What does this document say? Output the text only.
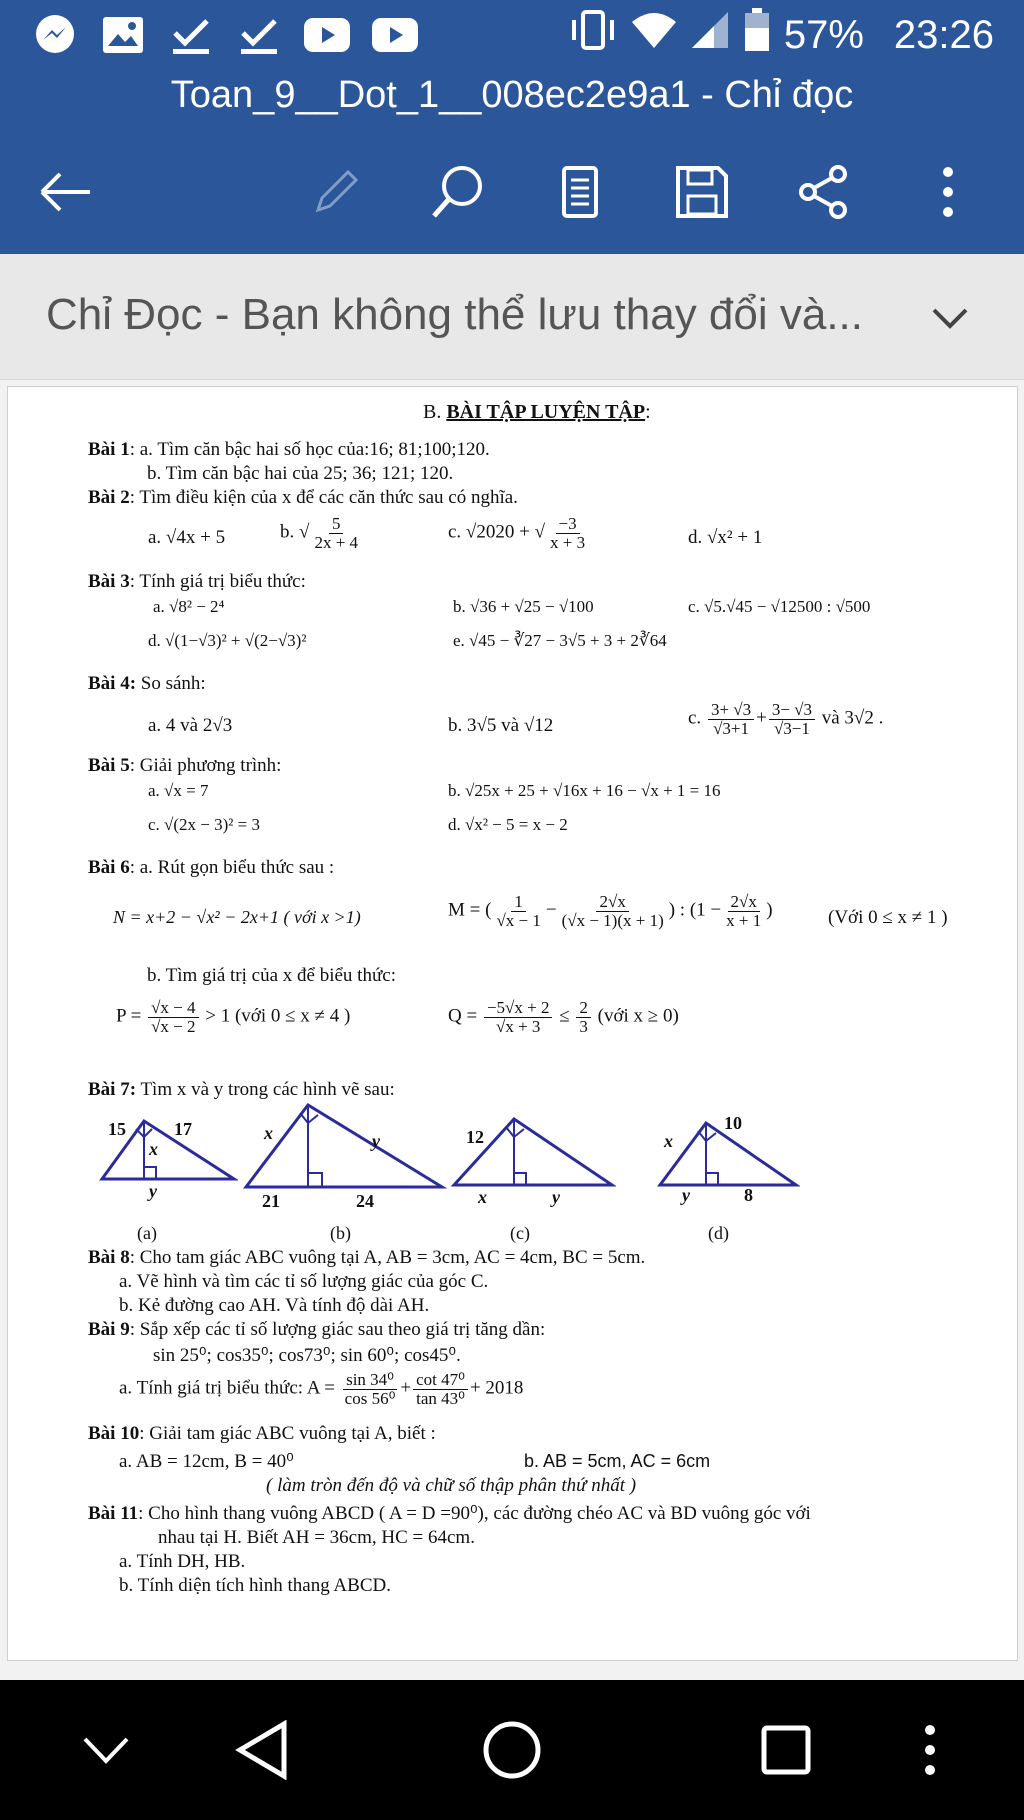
57% 23:26
Toan_9__Dot_1__008ec2e9a1 - Chỉ đọc
Chỉ Đọc - Bạn không thể lưu thay đổi và...
B. BÀI TẬP LUYỆN TẬP:
Bài 1: a. Tìm căn bậc hai số học của:16; 81;100;120.
b. Tìm căn bậc hai của 25; 36; 121; 120.
Bài 2: Tìm điều kiện của x để các căn thức sau có nghĩa.
a. √4x + 5	b. √ $\frac{5}{2x + 4}$	c. √2020 + √ $\frac{-3}{x + 3}$	d. √x² + 1
Bài 3: Tính giá trị biểu thức:
a. √8² − 2⁴	b. √36 + √25 − √100	c. √5.√45 − √12500 : √500
d. √(1−√3)² + √(2−√3)²	e. √45 − ∛27 − 3√5 + 3 + 2∛64
Bài 4: So sánh:
a. 4 và 2√3	b. 3√5 và √12	c. $\frac{3+ √3}{√3+1} + \frac{3- √3}{√3-1}$ và 3√2 .
Bài 5: Giải phương trình:
a. √x = 7	b. √25x + 25 + √16x + 16 − √x + 1 = 16
c. √(2x − 3)² = 3	d. √x² − 5 = x − 2
Bài 6: a. Rút gọn biểu thức sau :
N = x+2 − √x² − 2x+1 ( với x >1)	M = ( $\frac{1}{√x - 1} - \frac{2√x}{(√x - 1)(x + 1)}$ ) : ($1 - \frac{2√x}{x + 1}$ )	(Với 0 ≤ x ≠ 1 )
b. Tìm giá trị của x để biểu thức:
$P = \frac{√x - 4}{√x - 2} > 1$ (với 0 ≤ x ≠ 4 )	$Q = \frac{-5√x + 2}{√x + 3} \le \frac{2}{3}$ (với x ≥ 0)
Bài 7: Tìm x và y trong các hình vẽ sau:
15	17
x
y
(a)
x	y
21	24
(b)
12
x	y
(c)
x
10
y	8
(d)
Bài 8: Cho tam giác ABC vuông tại A, AB = 3cm, AC = 4cm, BC = 5cm.
a. Vẽ hình và tìm các tỉ số lượng giác của góc C.
b. Kẻ đường cao AH. Và tính độ dài AH.
Bài 9: Sắp xếp các tỉ số lượng giác sau theo giá trị tăng dần:
sin 25⁰; cos35⁰; cos73⁰; sin 60⁰; cos45⁰.
a. Tính giá trị biểu thức: $A = \frac{\text{sin 34⁰}}{\text{cos 56⁰}} + \frac{\text{cot 47⁰}}{\text{tan 43⁰}} + 2018$
Bài 10: Giải tam giác ABC vuông tại A, biết :
a. AB = 12cm, B = 40⁰	b. AB = 5cm, AC = 6cm
( làm tròn đến độ và chữ số thập phân thứ nhất )
Bài 11: Cho hình thang vuông ABCD ( A = D =90⁰), các đường chéo AC và BD vuông góc với
nhau tại H. Biết AH = 36cm, HC = 64cm.
a. Tính DH, HB.
b. Tính diện tích hình thang ABCD.
